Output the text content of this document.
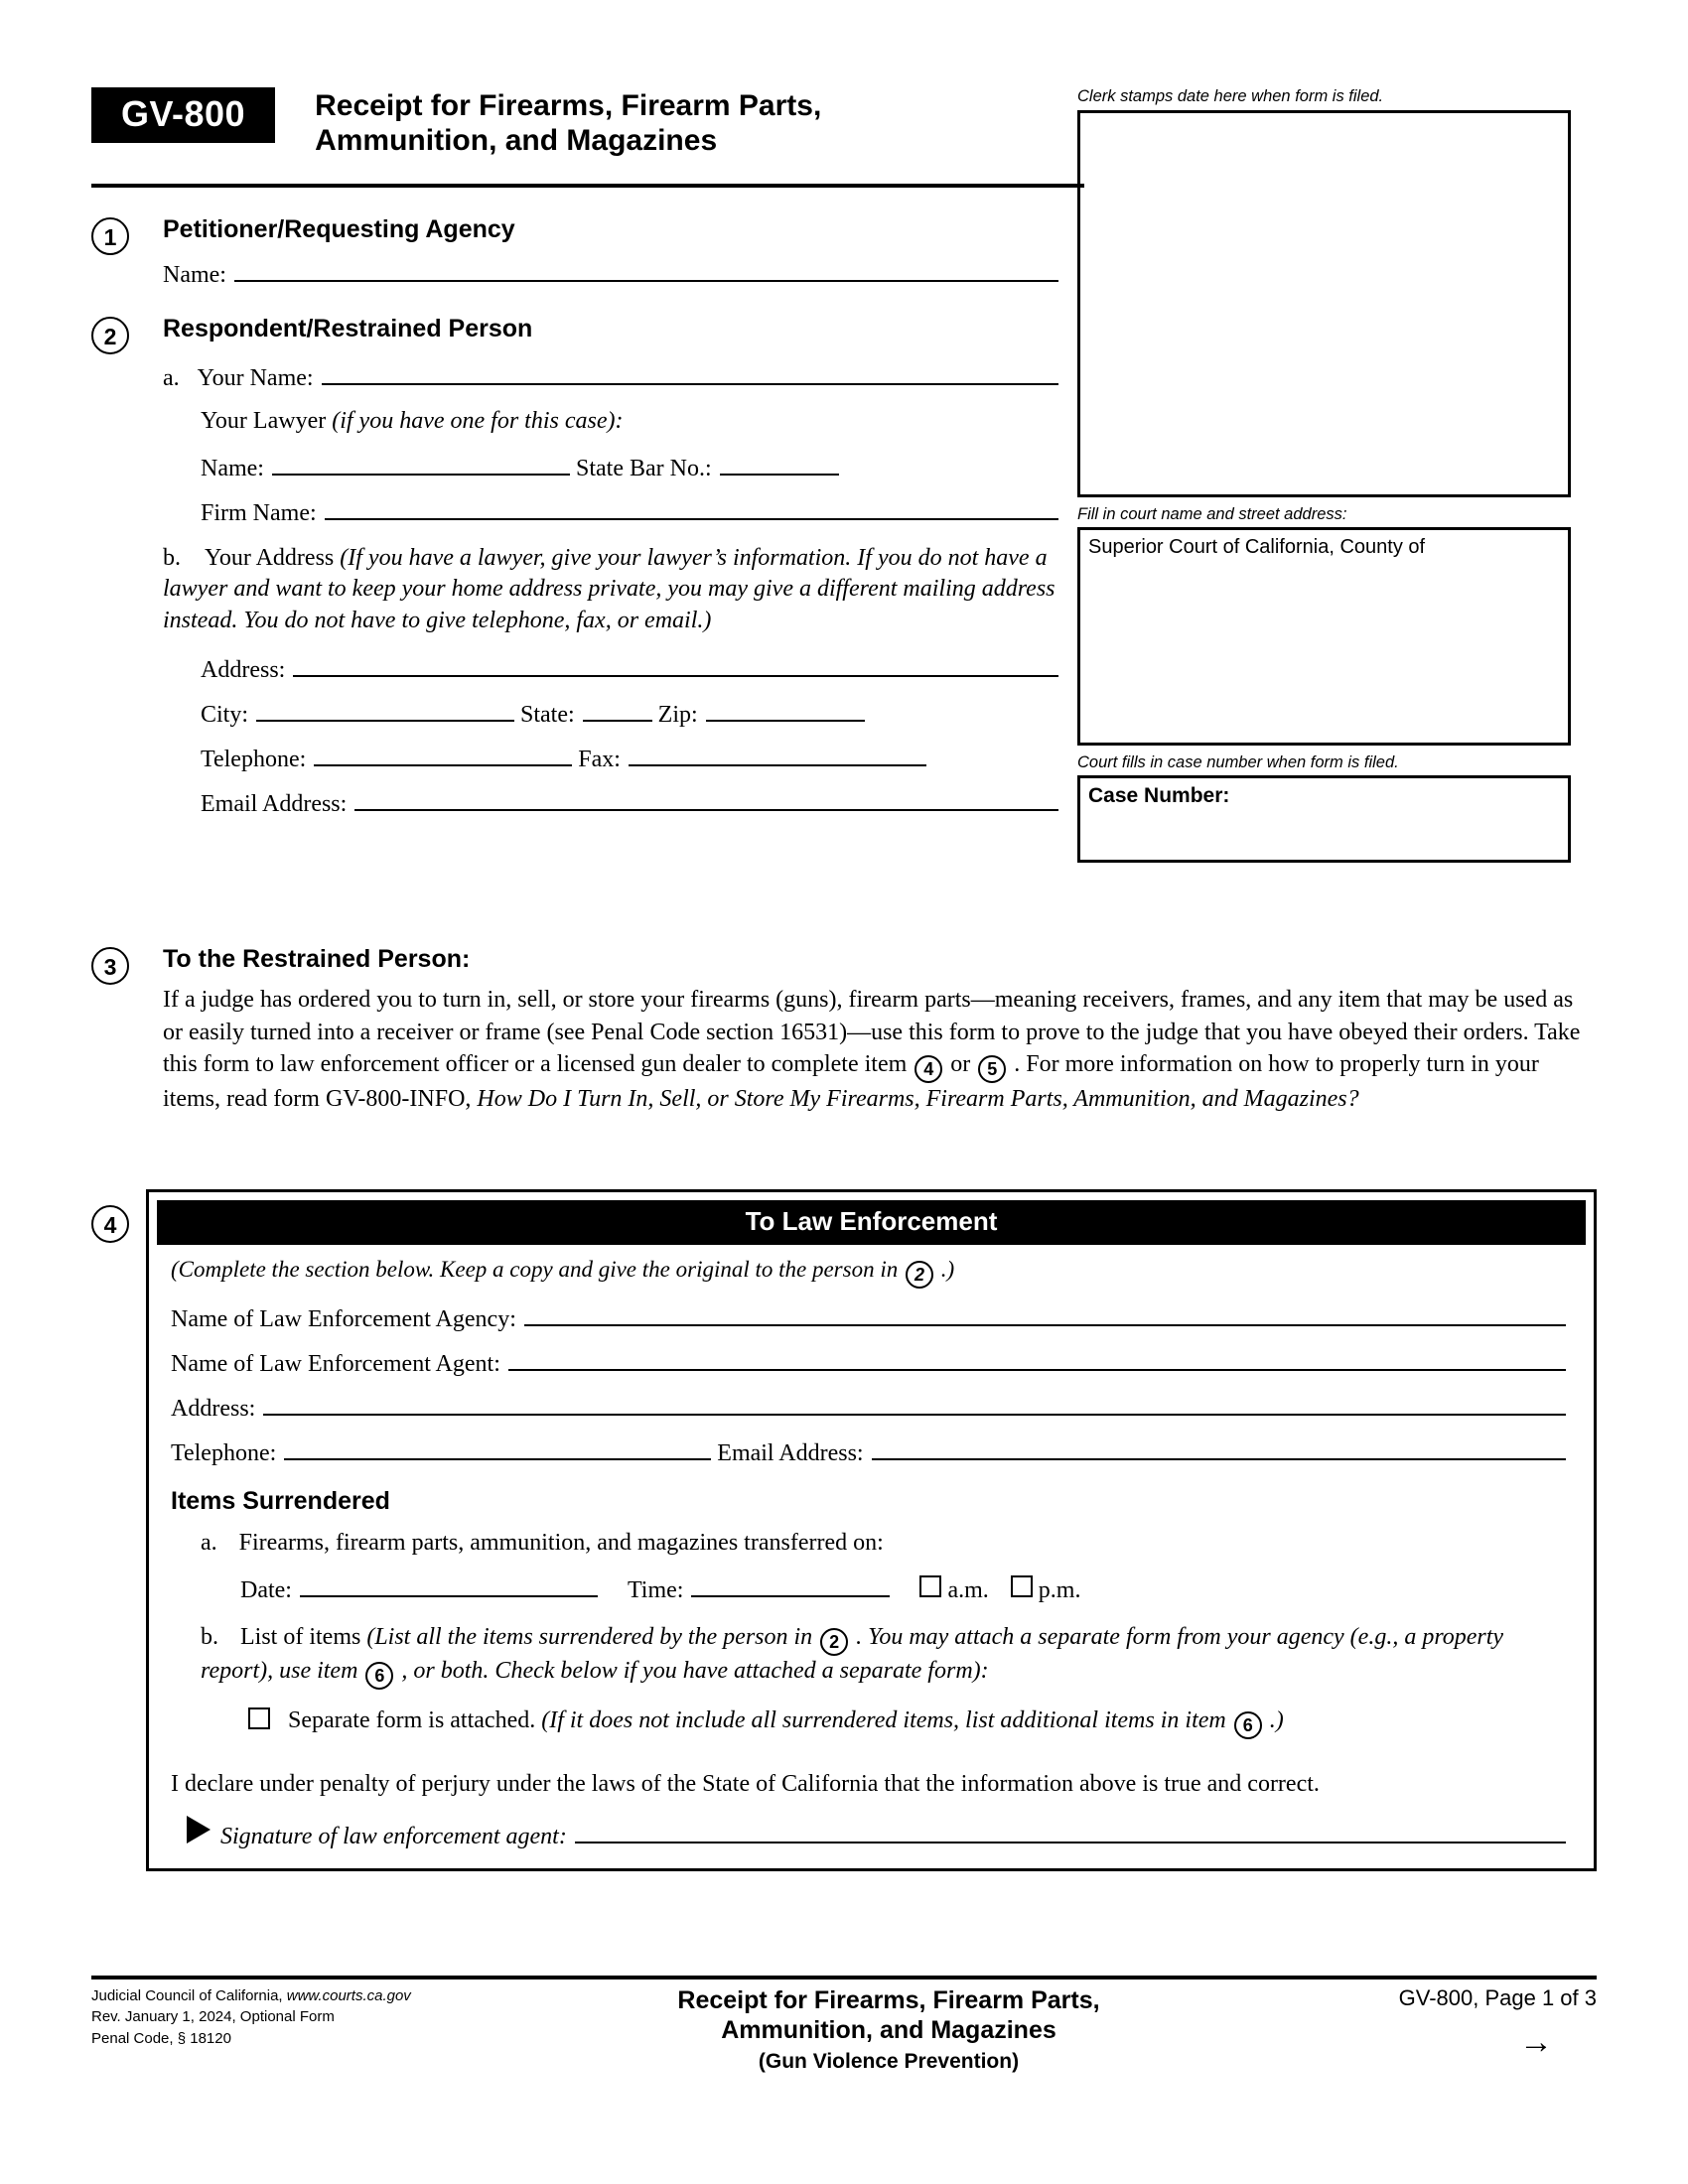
GV-800	Receipt for Firearms, Firearm Parts, Ammunition, and Magazines
Clerk stamps date here when form is filed.
Fill in court name and street address:
Superior Court of California, County of
Court fills in case number when form is filed.
Case Number:
1	Petitioner/Requesting Agency
Name:
2	Respondent/Restrained Person
a. Your Name:
Your Lawyer (if you have one for this case):
Name:	State Bar No.:
Firm Name:
b. Your Address (If you have a lawyer, give your lawyer’s information. If you do not have a lawyer and want to keep your home address private, you may give a different mailing address instead. You do not have to give telephone, fax, or email.)
Address:
City:	State:	Zip:
Telephone:	Fax:
Email Address:
3	To the Restrained Person:
If a judge has ordered you to turn in, sell, or store your firearms (guns), firearm parts—meaning receivers, frames, and any item that may be used as or easily turned into a receiver or frame (see Penal Code section 16531)—use this form to prove to the judge that you have obeyed their orders. Take this form to law enforcement officer or a licensed gun dealer to complete item 4 or 5 . For more information on how to properly turn in your items, read form GV-800-INFO, How Do I Turn In, Sell, or Store My Firearms, Firearm Parts, Ammunition, and Magazines?
4	To Law Enforcement
(Complete the section below. Keep a copy and give the original to the person in 2 .)
Name of Law Enforcement Agency:
Name of Law Enforcement Agent:
Address:
Telephone:	Email Address:
Items Surrendered
a. Firearms, firearm parts, ammunition, and magazines transferred on:
Date:	Time:	a.m. p.m.
b. List of items (List all the items surrendered by the person in 2 . You may attach a separate form from your agency (e.g., a property report), use item 6 , or both. Check below if you have attached a separate form):
Separate form is attached. (If it does not include all surrendered items, list additional items in item 6 .)
I declare under penalty of perjury under the laws of the State of California that the information above is true and correct.
Signature of law enforcement agent:
Judicial Council of California, www.courts.ca.gov
Rev. January 1, 2024, Optional Form
Penal Code, § 18120
Receipt for Firearms, Firearm Parts,
Ammunition, and Magazines
(Gun Violence Prevention)
GV-800, Page 1 of 3
→
